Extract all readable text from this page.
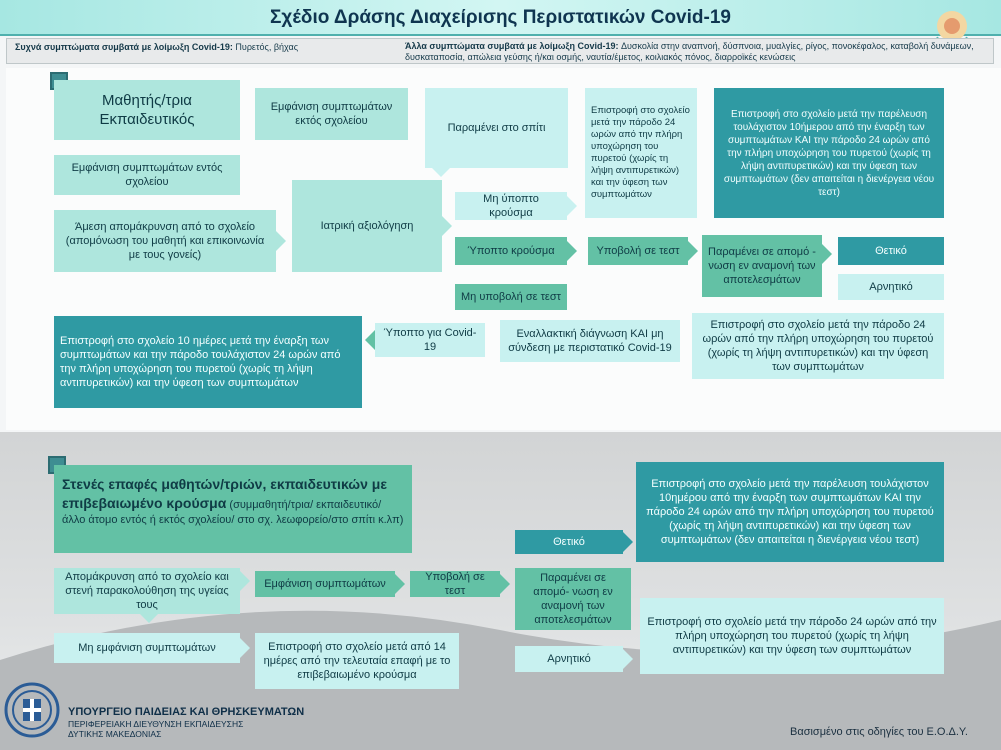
Σχέδιο Δράσης Διαχείρισης Περιστατικών Covid-19
Συχνά συμπτώματα συμβατά με λοίμωξη Covid-19: Πυρετός, βήχας	Άλλα συμπτώματα συμβατά με λοίμωξη Covid-19: Δυσκολία στην αναπνοή, δύσπνοια, μυαλγίες, ρίγος, πονοκέφαλος, καταβολή δυνάμεων, δυσκαταποσία, απώλεια γεύσης ή/και οσμής, ναυτία/έμετος, κοιλιακός πόνος, διαρροϊκές κενώσεις
Μαθητής/τρια Εκπαιδευτικός
Εμφάνιση συμπτωμάτων εκτός σχολείου
Παραμένει στο σπίτι
Επιστροφή στο σχολείο μετά την πάροδο 24 ωρών από την πλήρη υποχώρηση του πυρετού (χωρίς τη λήψη αντιπυρετικών) και την ύφεση των συμπτωμάτων
Επιστροφή στο σχολείο μετά την παρέλευση τουλάχιστον 10ήμερου από την έναρξη των συμπτωμάτων ΚΑΙ την πάροδο 24 ωρών από την πλήρη υποχώρηση του πυρετού (χωρίς τη λήψη αντιπυρετικών) και την ύφεση των συμπτωμάτων (δεν απαιτείται η διενέργεια νέου τεστ)
Εμφάνιση συμπτωμάτων εντός σχολείου
Άμεση απομάκρυνση από το σχολείο (απομόνωση του μαθητή και επικοινωνία με τους γονείς)
Ιατρική αξιολόγηση
Μη ύποπτο κρούσμα
Ύποπτο κρούσμα	Υποβολή σε τεστ	Παραμένει σε απομό - νωση εν αναμονή των αποτελεσμάτων
Θετικό
Αρνητικό
Μη υποβολή σε τεστ
Ύποπτο για Covid-19
Εναλλακτική διάγνωση ΚΑΙ μη σύνδεση με περιστατικό Covid-19
Επιστροφή στο σχολείο 10 ημέρες μετά την έναρξη των συμπτωμάτων και την πάροδο τουλάχιστον 24 ωρών από την πλήρη υποχώρηση του πυρετού (χωρίς τη λήψη αντιπυρετικών) και την ύφεση των συμπτωμάτων
Επιστροφή στο σχολείο μετά την πάροδο 24 ωρών από την πλήρη υποχώρηση του πυρετού (χωρίς τη λήψη αντιπυρετικών) και την ύφεση των συμπτωμάτων
Στενές επαφές μαθητών/τριών, εκπαιδευτικών με επιβεβαιωμένο κρούσμα (συμμαθητή/τρια/ εκπαιδευτικό/άλλο άτομο εντός ή εκτός σχολείου/ στο σχ. λεωφορείο/στο σπίτι κ.λπ)
Απομάκρυνση από το σχολείο και στενή παρακολούθηση της υγείας τους
Εμφάνιση συμπτωμάτων
Υποβολή σε τεστ
Θετικό
Παραμένει σε απομό- νωση εν αναμονή των αποτελεσμάτων
Αρνητικό
Επιστροφή στο σχολείο μετά την παρέλευση τουλάχιστον 10ημέρου από την έναρξη των συμπτωμάτων ΚΑΙ την πάροδο 24 ωρών από την πλήρη υποχώρηση του πυρετού (χωρίς τη λήψη αντιπυρετικών) και την ύφεση των συμπτωμάτων (δεν απαιτείται η διενέργεια νέου τεστ)
Επιστροφή στο σχολείο μετά την πάροδο 24 ωρών από την πλήρη υποχώρηση του πυρετού (χωρίς τη λήψη αντιπυρετικών) και την ύφεση των συμπτωμάτων
Μη εμφάνιση συμπτωμάτων	Επιστροφή στο σχολείο μετά από 14 ημέρες από την τελευταία επαφή με το επιβεβαιωμένο κρούσμα
ΥΠΟΥΡΓΕΙΟ ΠΑΙΔΕΙΑΣ ΚΑΙ ΘΡΗΣΚΕΥΜΑΤΩΝ
ΠΕΡΙΦΕΡΕΙΑΚΗ ΔΙΕΥΘΥΝΣΗ ΕΚΠΑΙΔΕΥΣΗΣ
ΔΥΤΙΚΗΣ ΜΑΚΕΔΟΝΙΑΣ	Βασισμένο στις οδηγίες του Ε.Ο.Δ.Υ.
